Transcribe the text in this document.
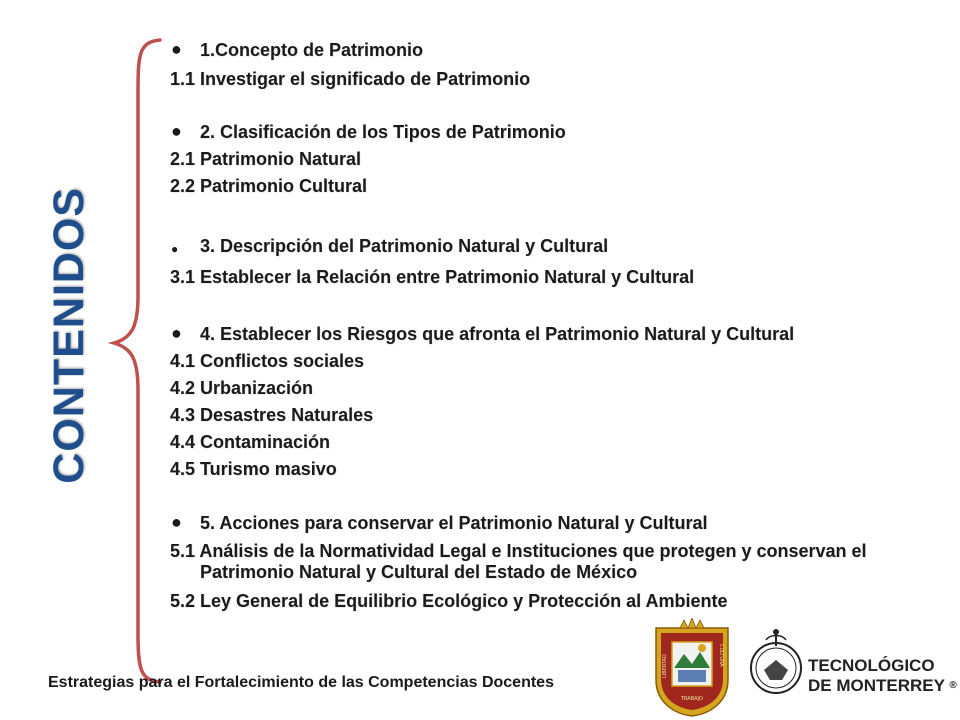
CONTENIDOS
● 1.Concepto de Patrimonio
1.1 Investigar el significado de Patrimonio
● 2. Clasificación de los Tipos de Patrimonio
2.1 Patrimonio Natural
2.2 Patrimonio Cultural
● 3. Descripción del Patrimonio Natural y Cultural
3.1 Establecer la Relación entre Patrimonio Natural y Cultural
● 4. Establecer los Riesgos que afronta el Patrimonio Natural y Cultural
4.1 Conflictos sociales
4.2 Urbanización
4.3 Desastres Naturales
4.4 Contaminación
4.5 Turismo masivo
● 5. Acciones para conservar el Patrimonio Natural y Cultural
5.1 Análisis de la Normatividad Legal e Instituciones que protegen y conservan el
Patrimonio Natural y Cultural del Estado de México
5.2 Ley General de Equilibrio Ecológico y Protección al Ambiente
Estrategias para el Fortalecimiento de las Competencias Docentes
LIBERTAD	CULTURA
TRABAJO
TECNOLÓGICO
DE MONTERREY ®
